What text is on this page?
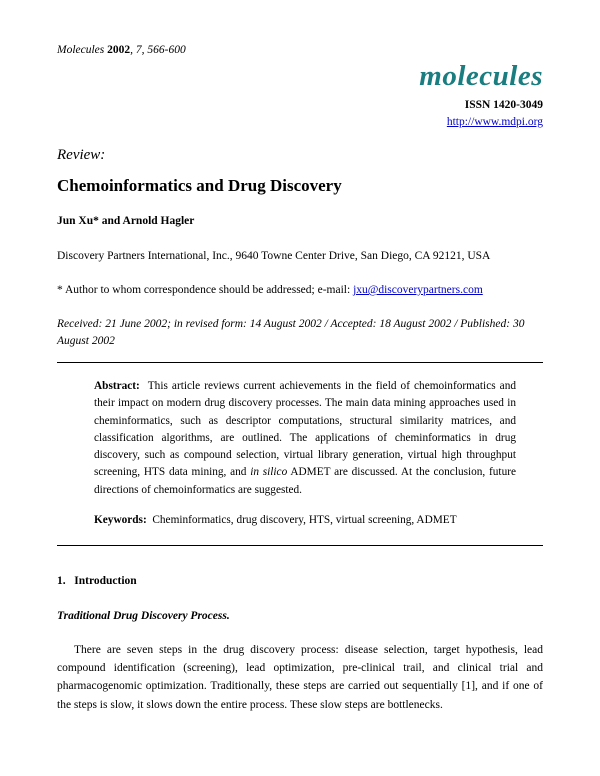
Molecules 2002, 7, 566-600
molecules
ISSN 1420-3049
http://www.mdpi.org
Review:
Chemoinformatics and Drug Discovery
Jun Xu* and Arnold Hagler
Discovery Partners International, Inc., 9640 Towne Center Drive, San Diego, CA 92121, USA
* Author to whom correspondence should be addressed; e-mail: jxu@discoverypartners.com
Received: 21 June 2002; in revised form: 14 August 2002 / Accepted: 18 August 2002 / Published: 30 August 2002
Abstract: This article reviews current achievements in the field of chemoinformatics and their impact on modern drug discovery processes. The main data mining approaches used in cheminformatics, such as descriptor computations, structural similarity matrices, and classification algorithms, are outlined. The applications of cheminformatics in drug discovery, such as compound selection, virtual library generation, virtual high throughput screening, HTS data mining, and in silico ADMET are discussed. At the conclusion, future directions of chemoinformatics are suggested.
Keywords: Cheminformatics, drug discovery, HTS, virtual screening, ADMET
1.   Introduction
Traditional Drug Discovery Process.
There are seven steps in the drug discovery process: disease selection, target hypothesis, lead compound identification (screening), lead optimization, pre-clinical trail, and clinical trial and pharmacogenomic optimization. Traditionally, these steps are carried out sequentially [1], and if one of the steps is slow, it slows down the entire process. These slow steps are bottlenecks.
